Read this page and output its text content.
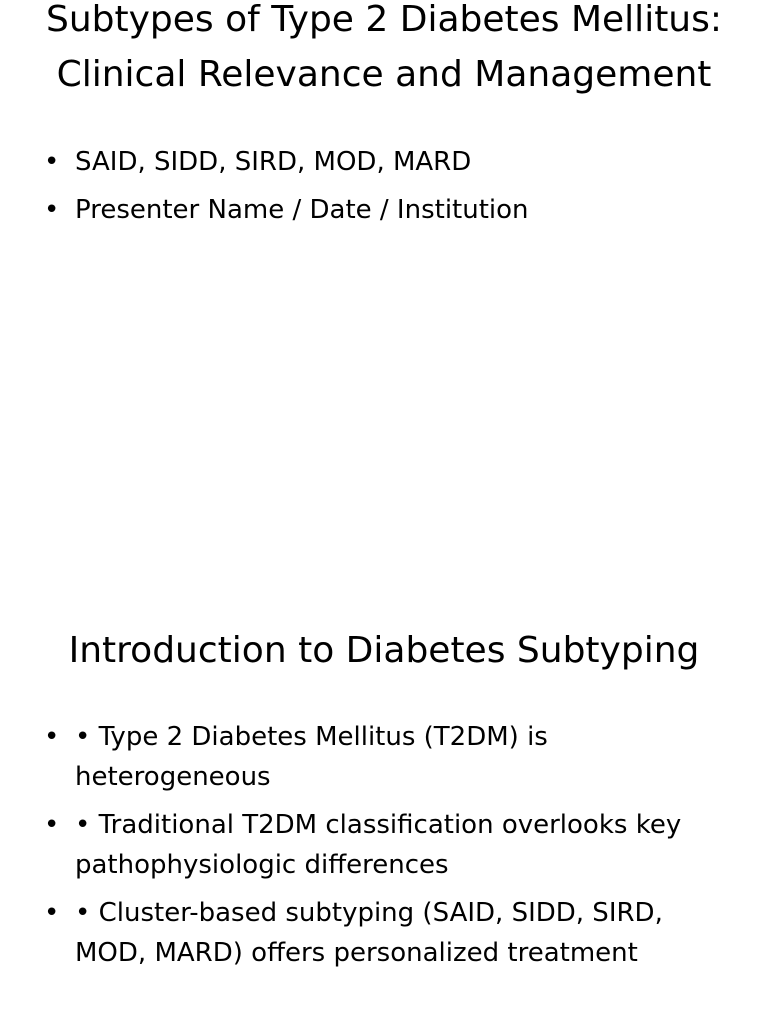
Subtypes of Type 2 Diabetes Mellitus: Clinical Relevance and Management
• SAID, SIDD, SIRD, MOD, MARD
• Presenter Name / Date / Institution
Introduction to Diabetes Subtyping
• • Type 2 Diabetes Mellitus (T2DM) is heterogeneous
• • Traditional T2DM classification overlooks key pathophysiologic differences
• • Cluster-based subtyping (SAID, SIDD, SIRD, MOD, MARD) offers personalized treatment
